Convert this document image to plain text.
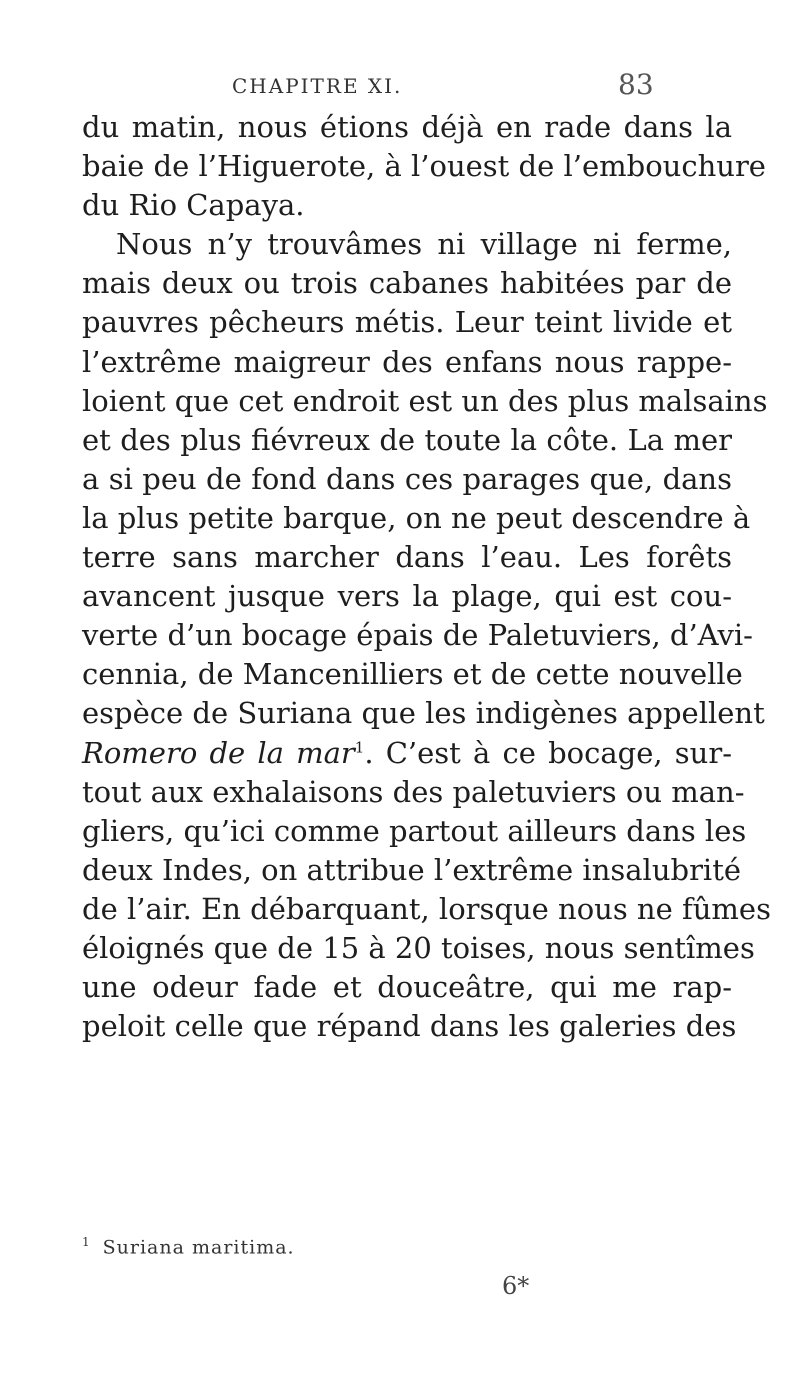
CHAPITRE XI.	83
du matin, nous étions déjà en rade dans la
baie de l’Higuerote, à l’ouest de l’embouchure
du Rio Capaya.
Nous n’y trouvâmes ni village ni ferme,
mais deux ou trois cabanes habitées par de
pauvres pêcheurs métis. Leur teint livide et
l’extrême maigreur des enfans nous rappe-
loient que cet endroit est un des plus malsains
et des plus fiévreux de toute la côte. La mer
a si peu de fond dans ces parages que, dans
la plus petite barque, on ne peut descendre à
terre sans marcher dans l’eau. Les forêts
avancent jusque vers la plage, qui est cou-
verte d’un bocage épais de Paletuviers, d’Avi-
cennia, de Mancenilliers et de cette nouvelle
espèce de Suriana que les indigènes appellent
Romero de la mar$^1$. C’est à ce bocage, sur-
tout aux exhalaisons des paletuviers ou man-
gliers, qu’ici comme partout ailleurs dans les
deux Indes, on attribue l’extrême insalubrité
de l’air. En débarquant, lorsque nous ne fûmes
éloignés que de 15 à 20 toises, nous sentîmes
une odeur fade et douceâtre, qui me rap-
peloit celle que répand dans les galeries des
$^1$ Suriana maritima.
6*
